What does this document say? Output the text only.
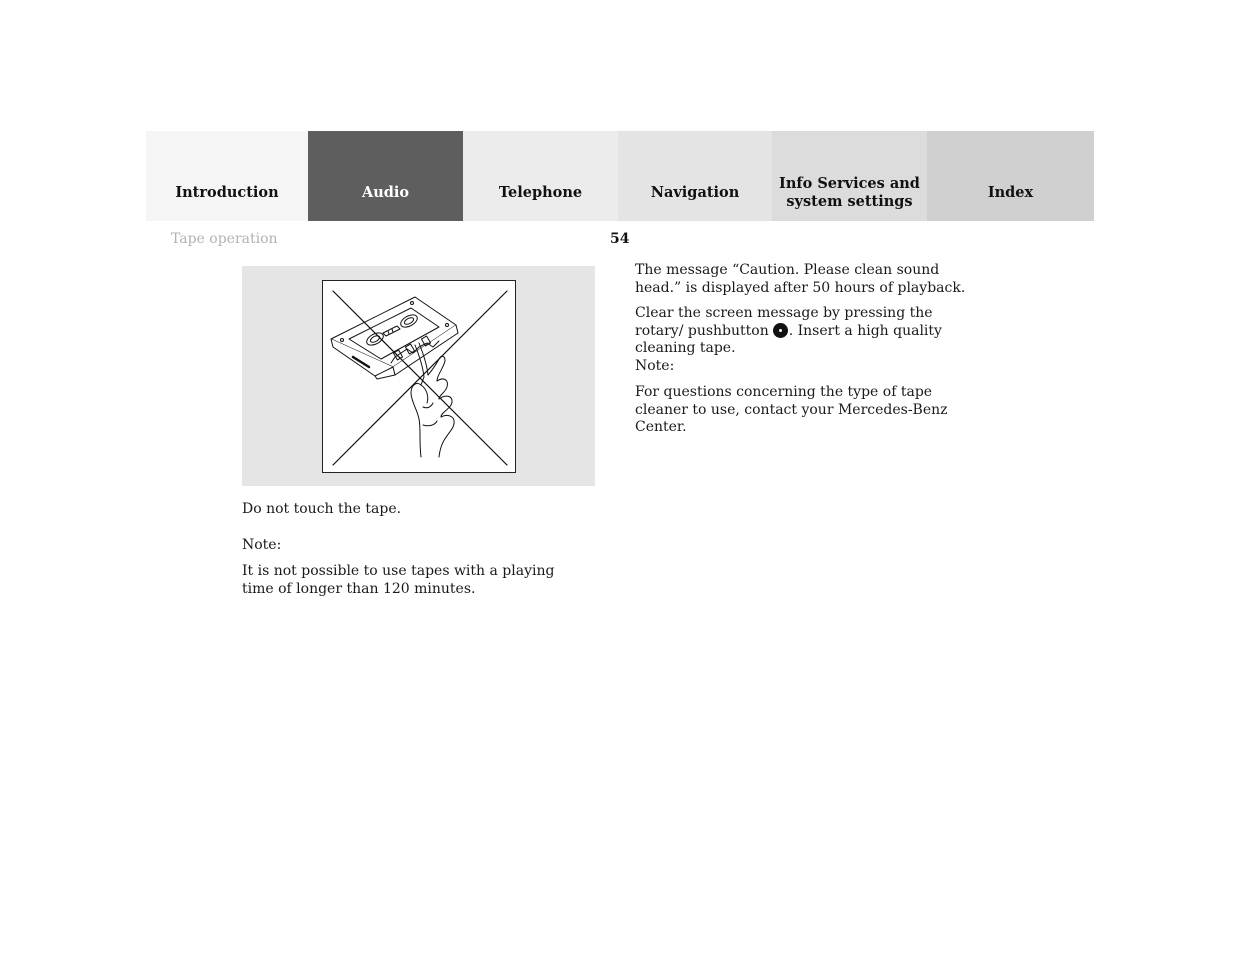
Introduction	Audio	Telephone	Navigation
Info Services and
system settings
Index
Tape operation	54

Do not touch the tape.

Note:

It is not possible to use tapes with a playing time of longer than 120 minutes.

The message “Caution. Please clean sound head.” is displayed after 50 hours of playback.

Clear the screen message by pressing the rotary/ pushbutton . Insert a high quality cleaning tape.

Note:

For questions concerning the type of tape cleaner to use, contact your Mercedes-Benz Center.
